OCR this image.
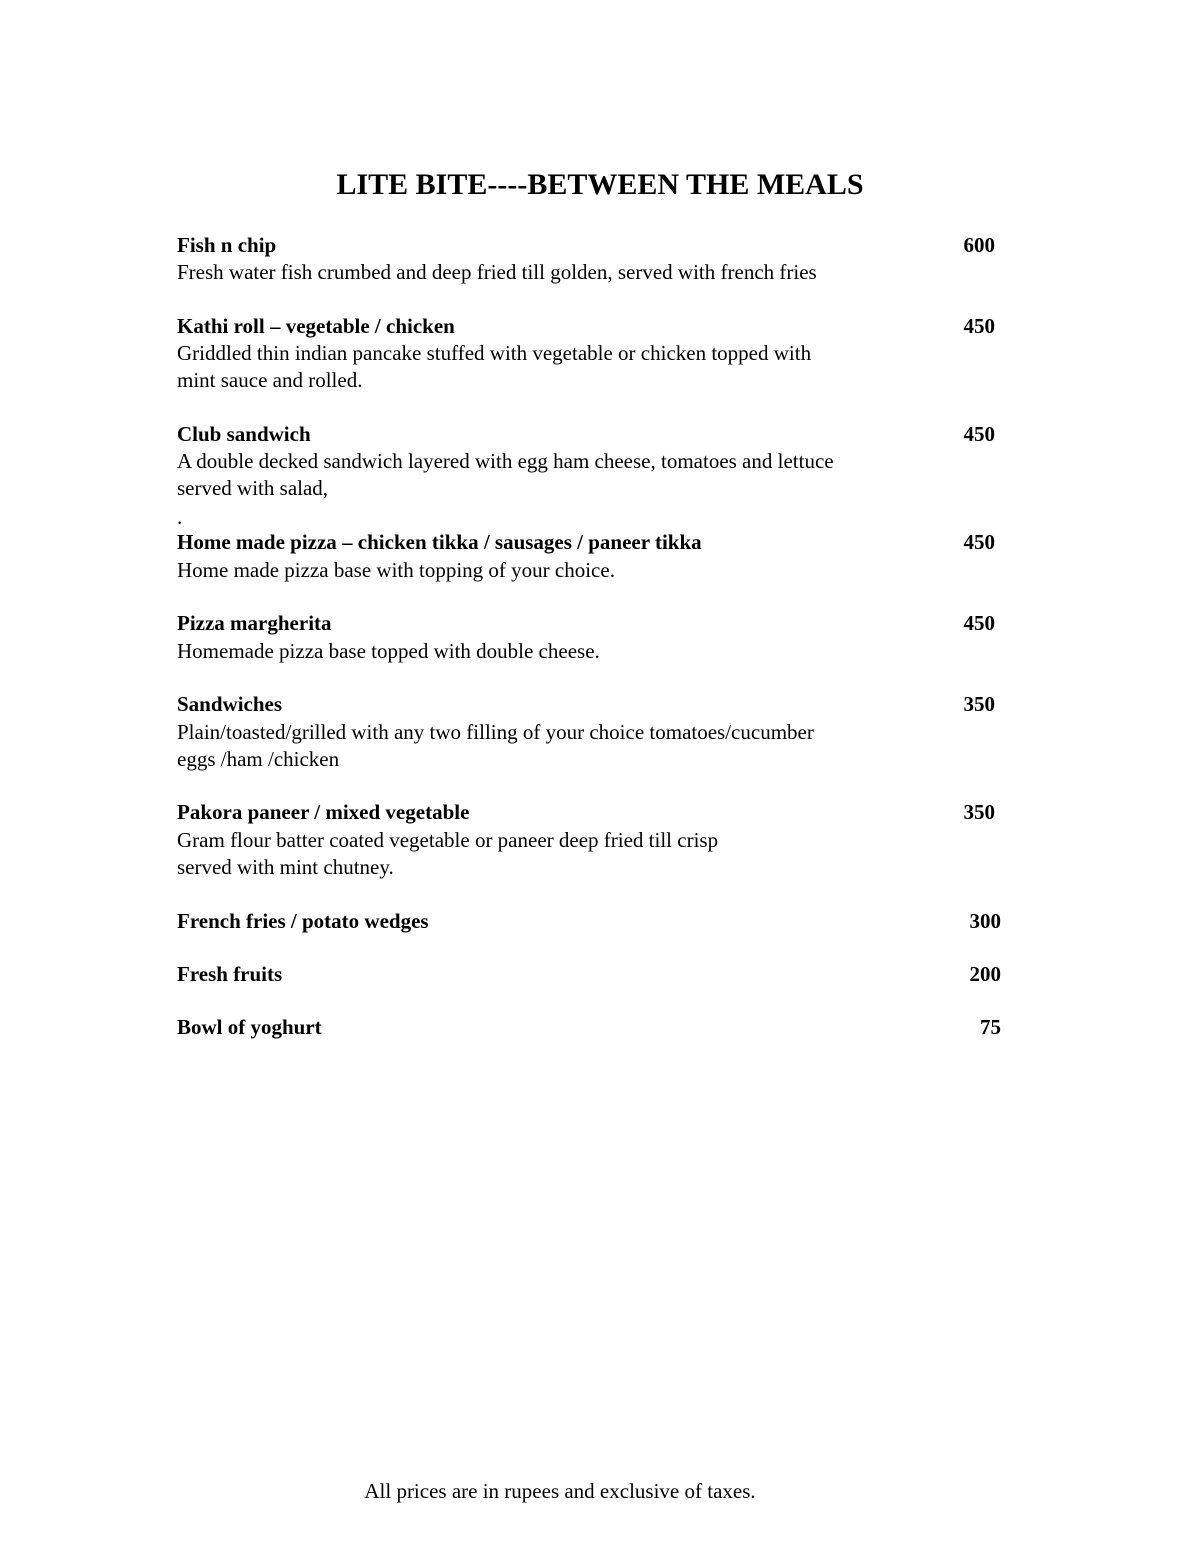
LITE BITE----BETWEEN THE MEALS
Fish n chip	600
Fresh water fish crumbed and deep fried till golden, served with french fries
Kathi roll – vegetable / chicken	450
Griddled thin indian pancake stuffed with vegetable or chicken topped with
mint sauce and rolled.
Club sandwich	450
A double decked sandwich layered with egg ham cheese, tomatoes and lettuce
served with salad,
.
Home made pizza – chicken tikka / sausages / paneer tikka	450
Home made pizza base with topping of your choice.
Pizza margherita	450
Homemade pizza base topped with double cheese.
Sandwiches	350
Plain/toasted/grilled with any two filling of your choice tomatoes/cucumber
eggs /ham /chicken
Pakora paneer / mixed vegetable	350
Gram flour batter coated vegetable or paneer deep fried till crisp
served with mint chutney.
French fries / potato wedges	300
Fresh fruits	200
Bowl of yoghurt	75
All prices are in rupees and exclusive of taxes.
